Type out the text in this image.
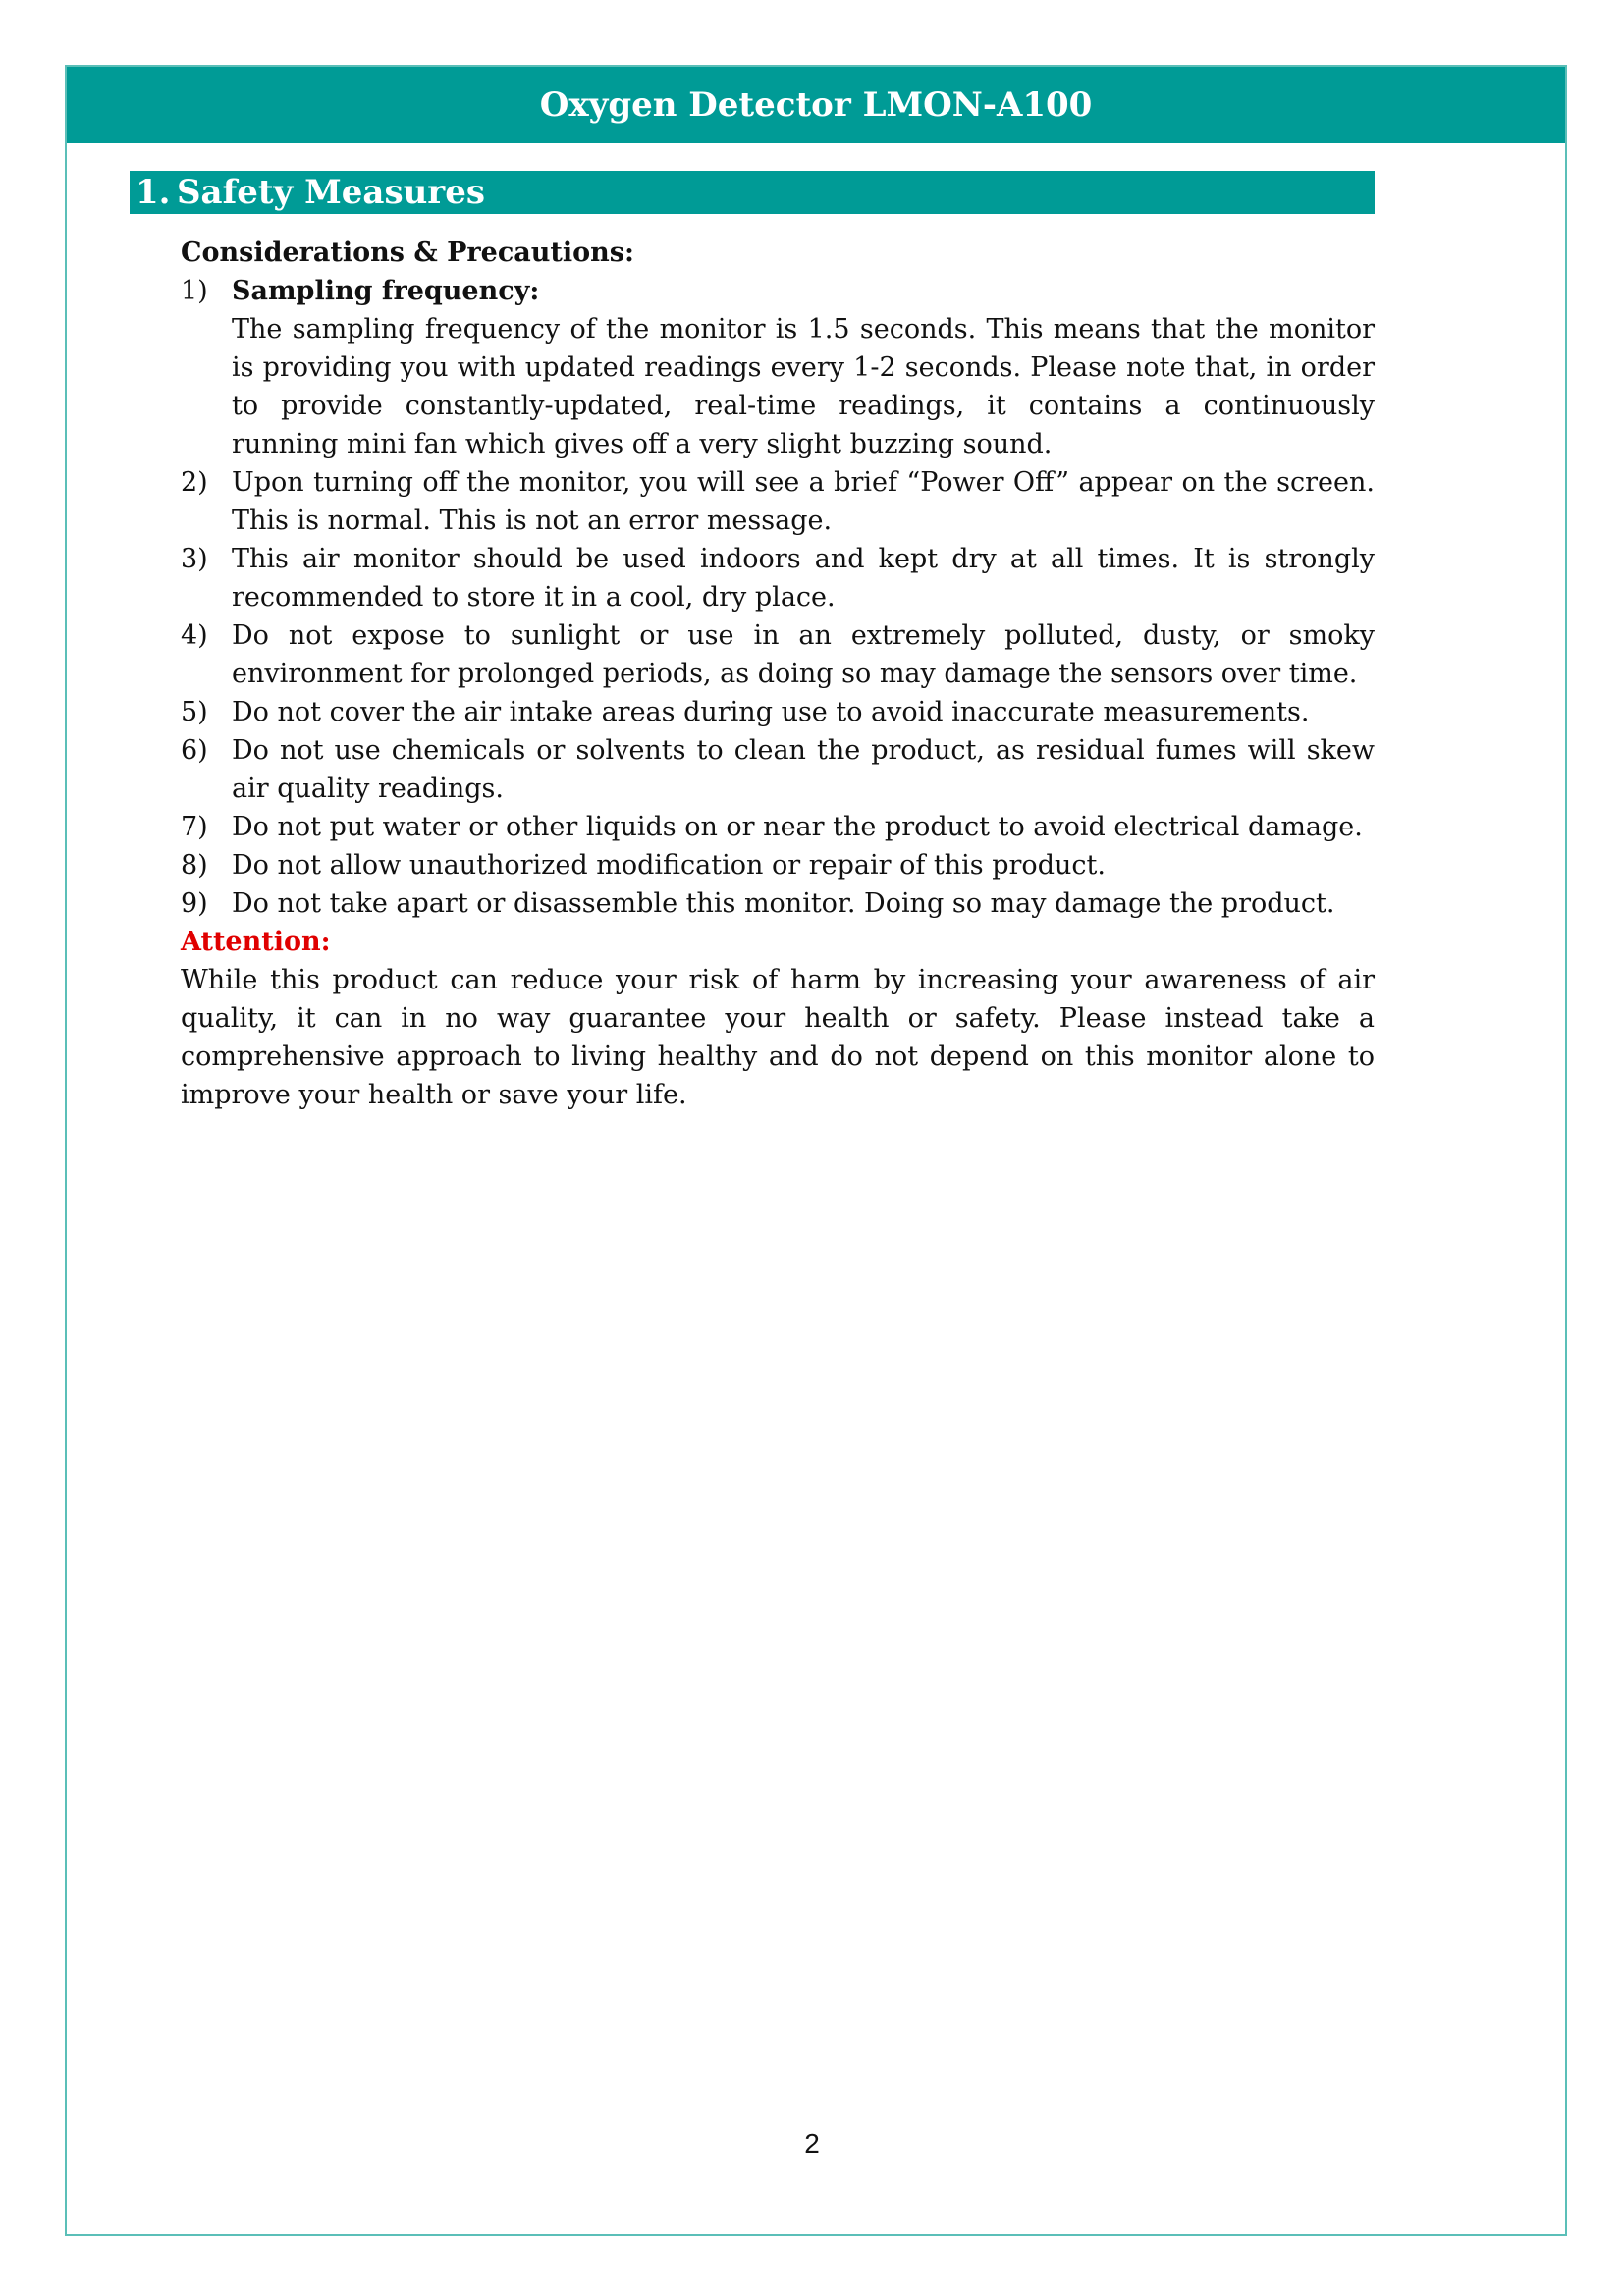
Oxygen Detector LMON-A100
1. Safety Measures

Considerations & Precautions:

1) Sampling frequency:
The sampling frequency of the monitor is 1.5 seconds. This means that the monitor is providing you with updated readings every 1-2 seconds. Please note that, in order to provide constantly-updated, real-time readings, it contains a continuously running mini fan which gives off a very slight buzzing sound.
2) Upon turning off the monitor, you will see a brief “Power Off” appear on the screen. This is normal. This is not an error message.
3) This air monitor should be used indoors and kept dry at all times. It is strongly recommended to store it in a cool, dry place.
4) Do not expose to sunlight or use in an extremely polluted, dusty, or smoky environment for prolonged periods, as doing so may damage the sensors over time.
5) Do not cover the air intake areas during use to avoid inaccurate measurements.
6) Do not use chemicals or solvents to clean the product, as residual fumes will skew air quality readings.
7) Do not put water or other liquids on or near the product to avoid electrical damage.
8) Do not allow unauthorized modification or repair of this product.
9) Do not take apart or disassemble this monitor. Doing so may damage the product.

Attention:

While this product can reduce your risk of harm by increasing your awareness of air quality, it can in no way guarantee your health or safety. Please instead take a comprehensive approach to living healthy and do not depend on this monitor alone to improve your health or save your life.

2
